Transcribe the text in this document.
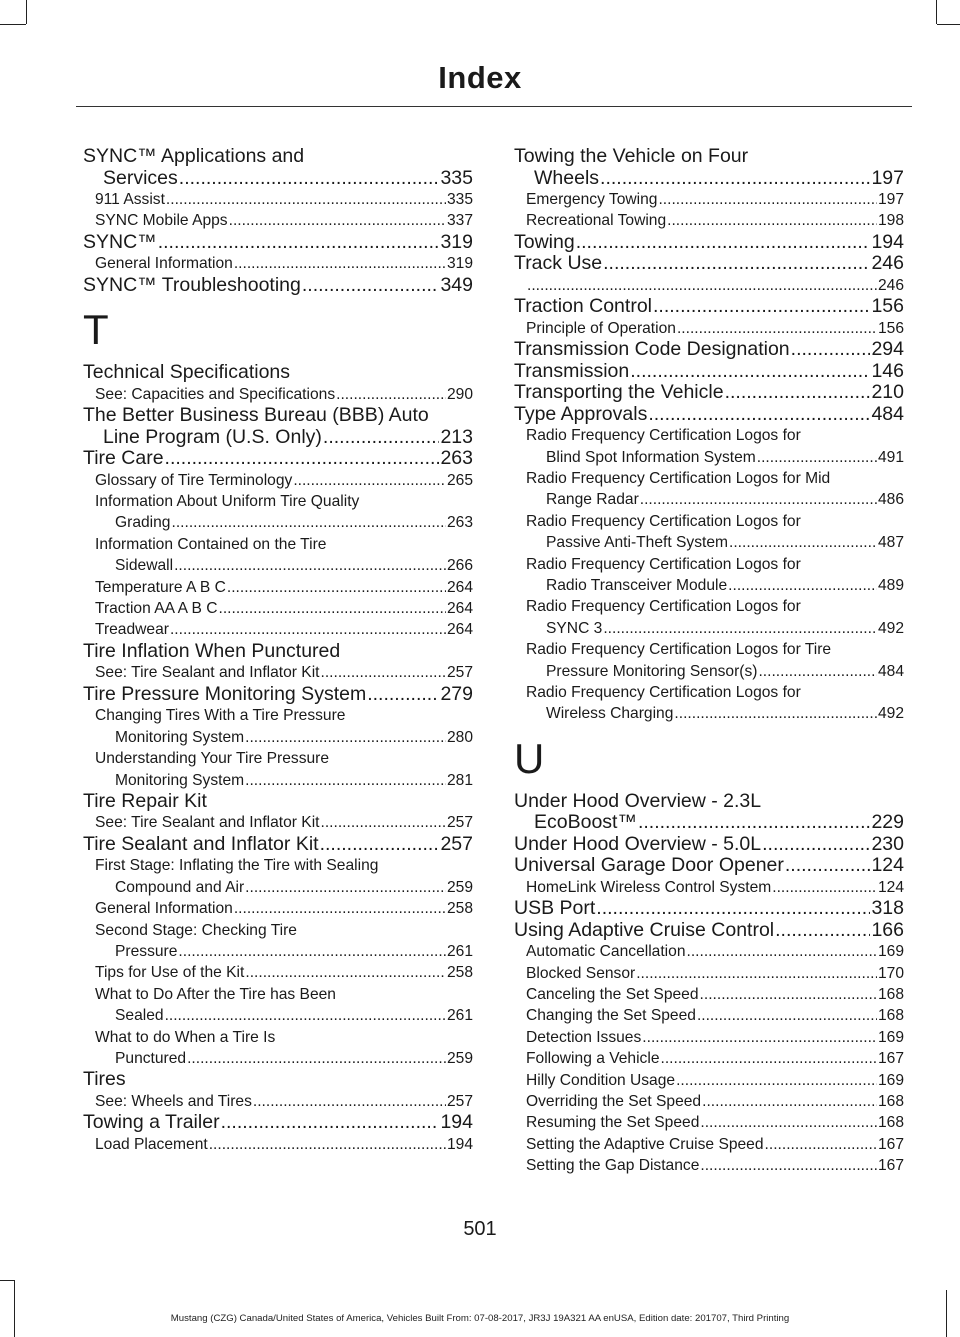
Index
SYNC™ Applications and
Services .....	335
911 Assist .....	335
SYNC Mobile Apps .....	337
SYNC™ .....	319
General Information .....	319
SYNC™ Troubleshooting .....	349
T
Technical Specifications
See: Capacities and Specifications .....	290
The Better Business Bureau (BBB) Auto
Line Program (U.S. Only) .....	213
Tire Care .....	263
Glossary of Tire Terminology .....	265
Information About Uniform Tire Quality
Grading .....	263
Information Contained on the Tire
Sidewall .....	266
Temperature A B C .....	264
Traction AA A B C .....	264
Treadwear .....	264
Tire Inflation When Punctured
See: Tire Sealant and Inflator Kit .....	257
Tire Pressure Monitoring System .....	279
Changing Tires With a Tire Pressure
Monitoring System .....	280
Understanding Your Tire Pressure
Monitoring System .....	281
Tire Repair Kit
See: Tire Sealant and Inflator Kit .....	257
Tire Sealant and Inflator Kit .....	257
First Stage: Inflating the Tire with Sealing
Compound and Air .....	259
General Information .....	258
Second Stage: Checking Tire
Pressure .....	261
Tips for Use of the Kit .....	258
What to Do After the Tire has Been
Sealed .....	261
What to do When a Tire Is
Punctured .....	259
Tires
See: Wheels and Tires .....	257
Towing a Trailer .....	194
Load Placement .....	194
Towing the Vehicle on Four
Wheels .....	197
Emergency Towing .....	197
Recreational Towing .....	198
Towing .....	194
Track Use .....	246
.....
246
Traction Control .....	156
Principle of Operation .....	156
Transmission Code Designation .....	294
Transmission .....	146
Transporting the Vehicle .....	210
Type Approvals .....	484
Radio Frequency Certification Logos for
Blind Spot Information System .....	491
Radio Frequency Certification Logos for Mid
Range Radar .....	486
Radio Frequency Certification Logos for
Passive Anti-Theft System .....	487
Radio Frequency Certification Logos for
Radio Transceiver Module .....	489
Radio Frequency Certification Logos for
SYNC 3 .....	492
Radio Frequency Certification Logos for Tire
Pressure Monitoring Sensor(s) .....	484
Radio Frequency Certification Logos for
Wireless Charging .....	492
U
Under Hood Overview - 2.3L
EcoBoost™ .....	229
Under Hood Overview - 5.0L .....	230
Universal Garage Door Opener .....	124
HomeLink Wireless Control System .....	124
USB Port .....	318
Using Adaptive Cruise Control .....	166
Automatic Cancellation .....	169
Blocked Sensor .....	170
Canceling the Set Speed .....	168
Changing the Set Speed .....	168
Detection Issues .....	169
Following a Vehicle .....	167
Hilly Condition Usage .....	169
Overriding the Set Speed .....	168
Resuming the Set Speed .....	168
Setting the Adaptive Cruise Speed .....	167
Setting the Gap Distance .....	167
501
Mustang (CZG) Canada/United States of America, Vehicles Built From: 07-08-2017, JR3J 19A321 AA enUSA, Edition date: 201707, Third Printing
